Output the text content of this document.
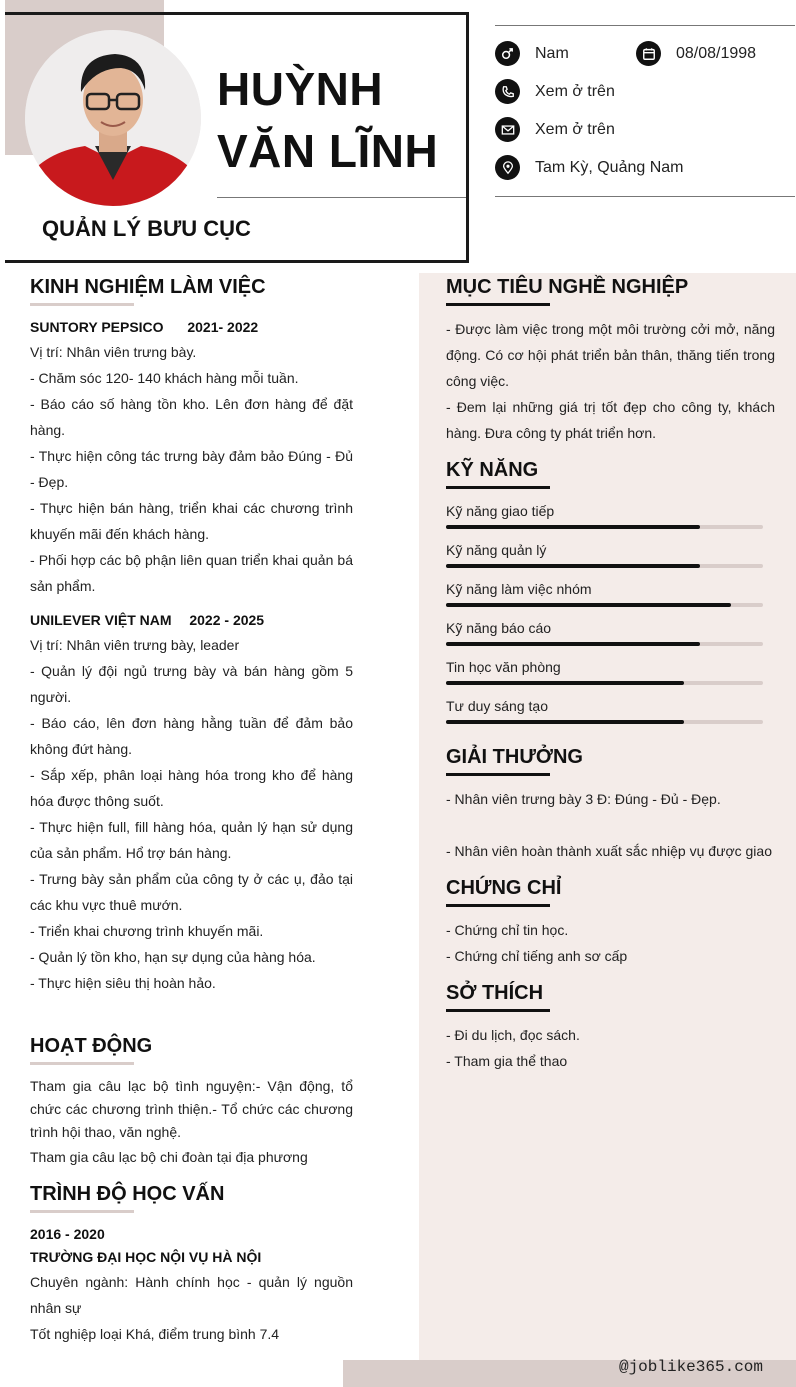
HUỲNH
VĂN LĨNH
QUẢN LÝ BƯU CỤC
Nam	08/08/1998
Xem ở trên
Xem ở trên
Tam Kỳ, Quảng Nam
KINH NGHIỆM LÀM VIỆC
SUNTORY PEPSICO 2021- 2022
Vị trí: Nhân viên trưng bày.
- Chăm sóc 120- 140 khách hàng mỗi tuần.
- Báo cáo số hàng tồn kho. Lên đơn hàng để đặt hàng.
- Thực hiện công tác trưng bày đảm bảo Đúng - Đủ - Đẹp.
- Thực hiện bán hàng, triển khai các chương trình khuyến mãi đến khách hàng.
- Phối hợp các bộ phận liên quan triển khai quản bá sản phẩm.
UNILEVER VIỆT NAM 2022 - 2025
Vị trí: Nhân viên trưng bày, leader
- Quản lý đội ngủ trưng bày và bán hàng gồm 5 người.
- Báo cáo, lên đơn hàng hằng tuần để đảm bảo không đứt hàng.
- Sắp xếp, phân loại hàng hóa trong kho để hàng hóa được thông suốt.
- Thực hiện full, fill hàng hóa, quản lý hạn sử dụng của sản phẩm. Hổ trợ bán hàng.
- Trưng bày sản phẩm của công ty ở các ụ, đảo tại các khu vực thuê mướn.
- Triển khai chương trình khuyến mãi.
- Quản lý tồn kho, hạn sự dụng của hàng hóa.
- Thực hiện siêu thị hoàn hảo.
HOẠT ĐỘNG
Tham gia câu lạc bộ tình nguyện:- Vận động, tổ chức các chương trình thiện.- Tổ chức các chương trình hội thao, văn nghệ.
Tham gia câu lạc bộ chi đoàn tại địa phương
TRÌNH ĐỘ HỌC VẤN
2016 - 2020
TRƯỜNG ĐẠI HỌC NỘI VỤ HÀ NỘI
Chuyên ngành: Hành chính học - quản lý nguồn nhân sự
Tốt nghiệp loại Khá, điểm trung bình 7.4
MỤC TIÊU NGHỀ NGHIỆP
- Được làm việc trong một môi trường cởi mở, năng động. Có cơ hội phát triển bản thân, thăng tiến trong công việc.
- Đem lại những giá trị tốt đẹp cho công ty, khách hàng. Đưa công ty phát triển hơn.
KỸ NĂNG
Kỹ năng giao tiếp
Kỹ năng quản lý
Kỹ năng làm việc nhóm
Kỹ năng báo cáo
Tin học văn phòng
Tư duy sáng tạo
GIẢI THƯỞNG
- Nhân viên trưng bày 3 Đ: Đúng - Đủ - Đẹp.
- Nhân viên hoàn thành xuất sắc nhiệp vụ được giao
CHỨNG CHỈ
- Chứng chỉ tin học.
- Chứng chỉ tiếng anh sơ cấp
SỞ THÍCH
- Đi du lịch, đọc sách.
- Tham gia thể thao
@joblike365.com
